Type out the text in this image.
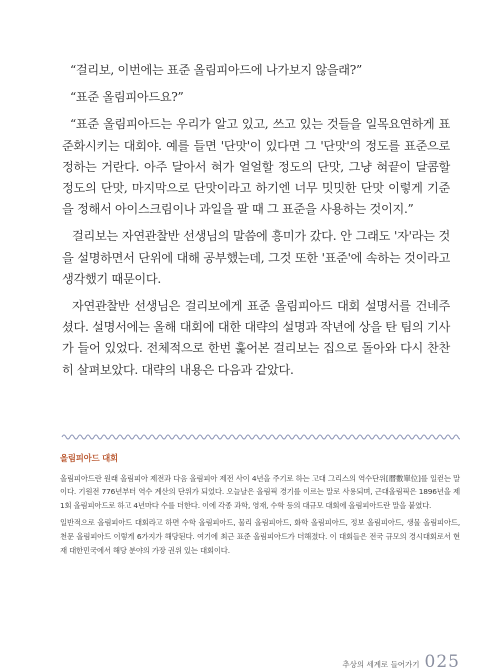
“걸리보, 이번에는 표준 올림피아드에 나가보지 않을래?”

“표준 올림피아드요?”

“표준 올림피아드는 우리가 알고 있고, 쓰고 있는 것들을 일목요연하게 표준화시키는 대회야. 예를 들면 '단맛'이 있다면 그 '단맛'의 정도를 표준으로 정하는 거란다. 아주 달아서 혀가 얼얼할 정도의 단맛, 그냥 혀끝이 달콤할 정도의 단맛, 마지막으로 단맛이라고 하기엔 너무 밋밋한 단맛 이렇게 기준을 정해서 아이스크림이나 과일을 팔 때 그 표준을 사용하는 것이지.”

걸리보는 자연관찰반 선생님의 말씀에 흥미가 갔다. 안 그래도 '자'라는 것을 설명하면서 단위에 대해 공부했는데, 그것 또한 '표준'에 속하는 것이라고 생각했기 때문이다.

자연관찰반 선생님은 걸리보에게 표준 올림피아드 대회 설명서를 건네주셨다. 설명서에는 올해 대회에 대한 대략의 설명과 작년에 상을 탄 팀의 기사가 들어 있었다. 전체적으로 한번 훑어본 걸리보는 집으로 돌아와 다시 찬찬히 살펴보았다. 대략의 내용은 다음과 같았다.

올림피아드 대회

올림피아드란 원래 올림피아 제전과 다음 올림피아 제전 사이 4년을 주기로 하는 고대 그리스의 역수단위[曆數單位]를 일컫는 말이다. 기원전 776년부터 역수 계산의 단위가 되었다. 오늘날은 올림픽 경기를 이르는 말로 사용되며, 근대올림픽은 1896년을 제1회 올림피아드로 하고 4년마다 수를 더한다. 이에 각종 과학, 영재, 수학 등의 대규모 대회에 올림피아드란 말을 붙였다.

일반적으로 올림피아드 대회라고 하면 수학 올림피아드, 물리 올림피아드, 화학 올림피아드, 정보 올림피아드, 생물 올림피아드, 천문 올림피아드 이렇게 6가지가 해당된다. 여기에 최근 표준 올림피아드가 더해졌다. 이 대회들은 전국 규모의 경시대회로서 현재 대한민국에서 해당 분야의 가장 권위 있는 대회이다.

추상의 세계로 들어가기 025
